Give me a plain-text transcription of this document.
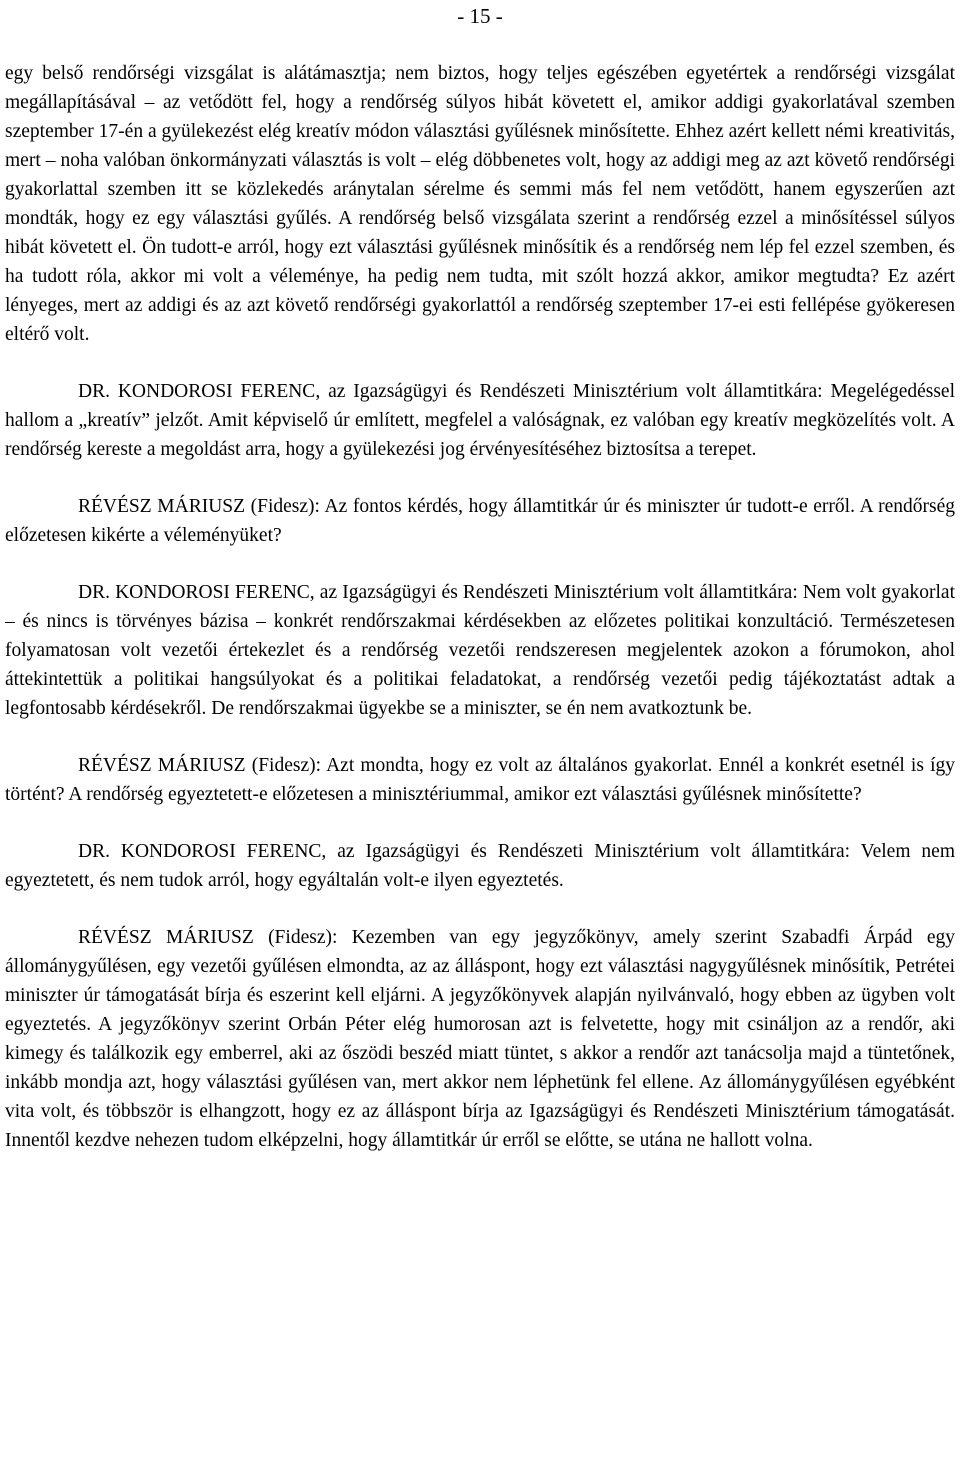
- 15 -

egy belső rendőrségi vizsgálat is alátámasztja; nem biztos, hogy teljes egészében egyetértek a rendőrségi vizsgálat megállapításával – az vetődött fel, hogy a rendőrség súlyos hibát követett el, amikor addigi gyakorlatával szemben szeptember 17-én a gyülekezést elég kreatív módon választási gyűlésnek minősítette. Ehhez azért kellett némi kreativitás, mert – noha valóban önkormányzati választás is volt – elég döbbenetes volt, hogy az addigi meg az azt követő rendőrségi gyakorlattal szemben itt se közlekedés aránytalan sérelme és semmi más fel nem vetődött, hanem egyszerűen azt mondták, hogy ez egy választási gyűlés. A rendőrség belső vizsgálata szerint a rendőrség ezzel a minősítéssel súlyos hibát követett el. Ön tudott-e arról, hogy ezt választási gyűlésnek minősítik és a rendőrség nem lép fel ezzel szemben, és ha tudott róla, akkor mi volt a véleménye, ha pedig nem tudta, mit szólt hozzá akkor, amikor megtudta? Ez azért lényeges, mert az addigi és az azt követő rendőrségi gyakorlattól a rendőrség szeptember 17-ei esti fellépése gyökeresen eltérő volt.

DR. KONDOROSI FERENC, az Igazságügyi és Rendészeti Minisztérium volt államtitkára: Megelégedéssel hallom a „kreatív” jelzőt. Amit képviselő úr említett, megfelel a valóságnak, ez valóban egy kreatív megközelítés volt. A rendőrség kereste a megoldást arra, hogy a gyülekezési jog érvényesítéséhez biztosítsa a terepet.

RÉVÉSZ MÁRIUSZ (Fidesz): Az fontos kérdés, hogy államtitkár úr és miniszter úr tudott-e erről. A rendőrség előzetesen kikérte a véleményüket?

DR. KONDOROSI FERENC, az Igazságügyi és Rendészeti Minisztérium volt államtitkára: Nem volt gyakorlat – és nincs is törvényes bázisa – konkrét rendőrszakmai kérdésekben az előzetes politikai konzultáció. Természetesen folyamatosan volt vezetői értekezlet és a rendőrség vezetői rendszeresen megjelentek azokon a fórumokon, ahol áttekintettük a politikai hangsúlyokat és a politikai feladatokat, a rendőrség vezetői pedig tájékoztatást adtak a legfontosabb kérdésekről. De rendőrszakmai ügyekbe se a miniszter, se én nem avatkoztunk be.

RÉVÉSZ MÁRIUSZ (Fidesz): Azt mondta, hogy ez volt az általános gyakorlat. Ennél a konkrét esetnél is így történt? A rendőrség egyeztetett-e előzetesen a minisztériummal, amikor ezt választási gyűlésnek minősítette?

DR. KONDOROSI FERENC, az Igazságügyi és Rendészeti Minisztérium volt államtitkára: Velem nem egyeztetett, és nem tudok arról, hogy egyáltalán volt-e ilyen egyeztetés.

RÉVÉSZ MÁRIUSZ (Fidesz): Kezemben van egy jegyzőkönyv, amely szerint Szabadfi Árpád egy állománygyűlésen, egy vezetői gyűlésen elmondta, az az álláspont, hogy ezt választási nagygyűlésnek minősítik, Petrétei miniszter úr támogatását bírja és eszerint kell eljárni. A jegyzőkönyvek alapján nyilvánvaló, hogy ebben az ügyben volt egyeztetés. A jegyzőkönyv szerint Orbán Péter elég humorosan azt is felvetette, hogy mit csináljon az a rendőr, aki kimegy és találkozik egy emberrel, aki az őszödi beszéd miatt tüntet, s akkor a rendőr azt tanácsolja majd a tüntetőnek, inkább mondja azt, hogy választási gyűlésen van, mert akkor nem léphetünk fel ellene. Az állománygyűlésen egyébként vita volt, és többször is elhangzott, hogy ez az álláspont bírja az Igazságügyi és Rendészeti Minisztérium támogatását. Innentől kezdve nehezen tudom elképzelni, hogy államtitkár úr erről se előtte, se utána ne hallott volna.
